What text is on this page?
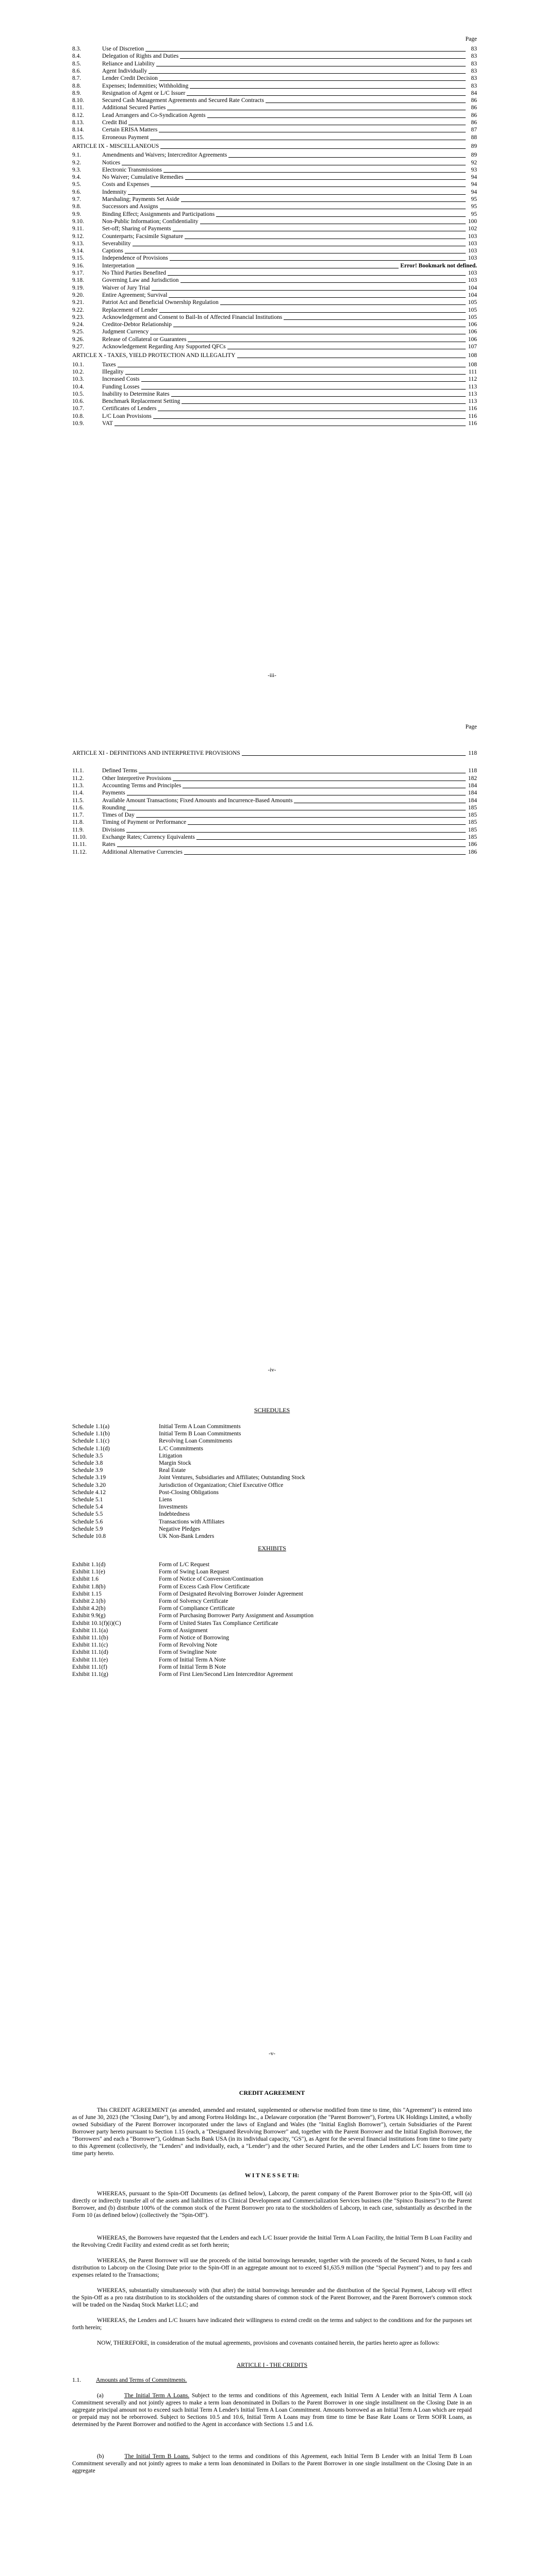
Page
8.3.	Use of Discretion	83
8.4.	Delegation of Rights and Duties	83
8.5.	Reliance and Liability	83
8.6.	Agent Individually	83
8.7.	Lender Credit Decision	83
8.8.	Expenses; Indemnities; Withholding	83
8.9.	Resignation of Agent or L/C Issuer	84
8.10.	Secured Cash Management Agreements and Secured Rate Contracts	86
8.11.	Additional Secured Parties	86
8.12.	Lead Arrangers and Co-Syndication Agents	86
8.13.	Credit Bid	86
8.14.	Certain ERISA Matters	87
8.15.	Erroneous Payment	88
ARTICLE IX - MISCELLANEOUS	89
9.1.	Amendments and Waivers; Intercreditor Agreements	89
9.2.	Notices	92
9.3.	Electronic Transmissions	93
9.4.	No Waiver; Cumulative Remedies	94
9.5.	Costs and Expenses	94
9.6.	Indemnity	94
9.7.	Marshaling; Payments Set Aside	95
9.8.	Successors and Assigns	95
9.9.	Binding Effect; Assignments and Participations	95
9.10.	Non-Public Information; Confidentiality	100
9.11.	Set-off; Sharing of Payments	102
9.12.	Counterparts; Facsimile Signature	103
9.13.	Severability	103
9.14.	Captions	103
9.15.	Independence of Provisions	103
9.16.	Interpretation	Error! Bookmark not defined.
9.17.	No Third Parties Benefited	103
9.18.	Governing Law and Jurisdiction	103
9.19.	Waiver of Jury Trial	104
9.20.	Entire Agreement; Survival	104
9.21.	Patriot Act and Beneficial Ownership Regulation	105
9.22.	Replacement of Lender	105
9.23.	Acknowledgement and Consent to Bail-In of Affected Financial Institutions	105
9.24.	Creditor-Debtor Relationship	106
9.25.	Judgment Currency	106
9.26.	Release of Collateral or Guarantees	106
9.27.	Acknowledgement Regarding Any Supported QFCs	107
ARTICLE X - TAXES, YIELD PROTECTION AND ILLEGALITY	108
10.1.	Taxes	108
10.2.	Illegality	111
10.3.	Increased Costs	112
10.4.	Funding Losses	113
10.5.	Inability to Determine Rates	113
10.6.	Benchmark Replacement Setting	113
10.7.	Certificates of Lenders	116
10.8.	L/C Loan Provisions	116
10.9.	VAT	116
-iii-
Page
ARTICLE XI - DEFINITIONS AND INTERPRETIVE PROVISIONS	118
11.1.	Defined Terms	118
11.2.	Other Interpretive Provisions	182
11.3.	Accounting Terms and Principles	184
11.4.	Payments	184
11.5.	Available Amount Transactions; Fixed Amounts and Incurrence-Based Amounts	184
11.6.	Rounding	185
11.7.	Times of Day	185
11.8.	Timing of Payment or Performance	185
11.9.	Divisions	185
11.10.	Exchange Rates; Currency Equivalents	185
11.11.	Rates	186
11.12.	Additional Alternative Currencies	186
-iv-
SCHEDULES
Schedule 1.1(a)	Initial Term A Loan Commitments
Schedule 1.1(b)	Initial Term B Loan Commitments
Schedule 1.1(c)	Revolving Loan Commitments
Schedule 1.1(d)	L/C Commitments
Schedule 3.5	Litigation
Schedule 3.8	Margin Stock
Schedule 3.9	Real Estate
Schedule 3.19	Joint Ventures, Subsidiaries and Affiliates; Outstanding Stock
Schedule 3.20	Jurisdiction of Organization; Chief Executive Office
Schedule 4.12	Post-Closing Obligations
Schedule 5.1	Liens
Schedule 5.4	Investments
Schedule 5.5	Indebtedness
Schedule 5.6	Transactions with Affiliates
Schedule 5.9	Negative Pledges
Schedule 10.8	UK Non-Bank Lenders
EXHIBITS
Exhibit 1.1(d)	Form of L/C Request
Exhibit 1.1(e)	Form of Swing Loan Request
Exhibit 1.6	Form of Notice of Conversion/Continuation
Exhibit 1.8(b)	Form of Excess Cash Flow Certificate
Exhibit 1.15	Form of Designated Revolving Borrower Joinder Agreement
Exhibit 2.1(b)	Form of Solvency Certificate
Exhibit 4.2(b)	Form of Compliance Certificate
Exhibit 9.9(g)	Form of Purchasing Borrower Party Assignment and Assumption
Exhibit 10.1(f)(i)(C)	Form of United States Tax Compliance Certificate
Exhibit 11.1(a)	Form of Assignment
Exhibit 11.1(b)	Form of Notice of Borrowing
Exhibit 11.1(c)	Form of Revolving Note
Exhibit 11.1(d)	Form of Swingline Note
Exhibit 11.1(e)	Form of Initial Term A Note
Exhibit 11.1(f)	Form of Initial Term B Note
Exhibit 11.1(g)	Form of First Lien/Second Lien Intercreditor Agreement
-v-
CREDIT AGREEMENT
This CREDIT AGREEMENT (as amended, amended and restated, supplemented or otherwise modified from time to time, this "Agreement") is entered into as of June 30, 2023 (the "Closing Date"), by and among Fortrea Holdings Inc., a Delaware corporation (the "Parent Borrower"), Fortrea UK Holdings Limited, a wholly owned Subsidiary of the Parent Borrower incorporated under the laws of England and Wales (the "Initial English Borrower"), certain Subsidiaries of the Parent Borrower party hereto pursuant to Section 1.15 (each, a "Designated Revolving Borrower" and, together with the Parent Borrower and the Initial English Borrower, the "Borrowers" and each a "Borrower"), Goldman Sachs Bank USA (in its individual capacity, "GS"), as Agent for the several financial institutions from time to time party to this Agreement (collectively, the "Lenders" and individually, each, a "Lender") and the other Secured Parties, and the other Lenders and L/C Issuers from time to time party hereto.
W I T N E S S E T H:
WHEREAS, pursuant to the Spin-Off Documents (as defined below), Labcorp, the parent company of the Parent Borrower prior to the Spin-Off, will (a) directly or indirectly transfer all of the assets and liabilities of its Clinical Development and Commercialization Services business (the "Spinco Business") to the Parent Borrower, and (b) distribute 100% of the common stock of the Parent Borrower pro rata to the stockholders of Labcorp, in each case, substantially as described in the Form 10 (as defined below) (collectively the "Spin-Off").
WHEREAS, the Borrowers have requested that the Lenders and each L/C Issuer provide the Initial Term A Loan Facility, the Initial Term B Loan Facility and the Revolving Credit Facility and extend credit as set forth herein;
WHEREAS, the Parent Borrower will use the proceeds of the initial borrowings hereunder, together with the proceeds of the Secured Notes, to fund a cash distribution to Labcorp on the Closing Date prior to the Spin-Off in an aggregate amount not to exceed $1,635.9 million (the "Special Payment") and to pay fees and expenses related to the Transactions;
WHEREAS, substantially simultaneously with (but after) the initial borrowings hereunder and the distribution of the Special Payment, Labcorp will effect the Spin-Off as a pro rata distribution to its stockholders of the outstanding shares of common stock of the Parent Borrower, and the Parent Borrower's common stock will be traded on the Nasdaq Stock Market LLC; and
WHEREAS, the Lenders and L/C Issuers have indicated their willingness to extend credit on the terms and subject to the conditions and for the purposes set forth herein;
NOW, THEREFORE, in consideration of the mutual agreements, provisions and covenants contained herein, the parties hereto agree as follows:
ARTICLE I - THE CREDITS
1.1.	Amounts and Terms of Commitments.
(a)	The Initial Term A Loans. Subject to the terms and conditions of this Agreement, each Initial Term A Lender with an Initial Term A Loan Commitment severally and not jointly agrees to make a term loan denominated in Dollars to the Parent Borrower in one single installment on the Closing Date in an aggregate principal amount not to exceed such Initial Term A Lender's Initial Term A Loan Commitment. Amounts borrowed as an Initial Term A Loan which are repaid or prepaid may not be reborrowed. Subject to Sections 10.5 and 10.6, Initial Term A Loans may from time to time be Base Rate Loans or Term SOFR Loans, as determined by the Parent Borrower and notified to the Agent in accordance with Sections 1.5 and 1.6.
(b)	The Initial Term B Loans. Subject to the terms and conditions of this Agreement, each Initial Term B Lender with an Initial Term B Loan Commitment severally and not jointly agrees to make a term loan denominated in Dollars to the Parent Borrower in one single installment on the Closing Date in an aggregate
